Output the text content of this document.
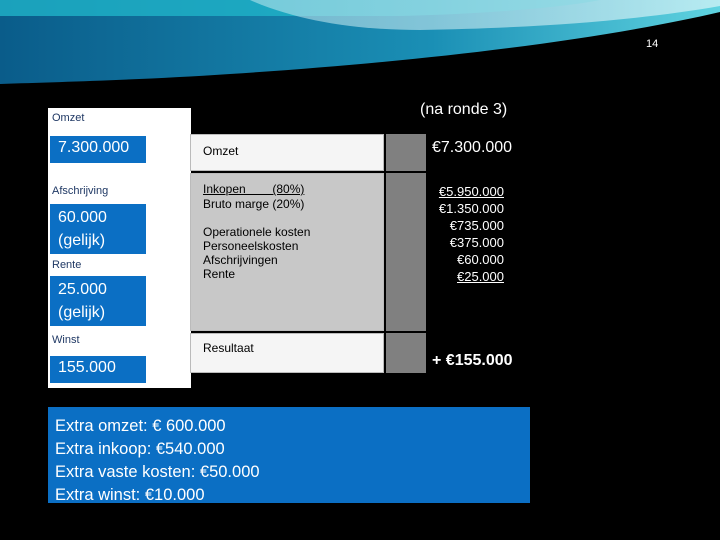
14
(na ronde 3)
Omzet
7.300.000
Afschrijving
60.000
(gelijk)
Rente
25.000
(gelijk)
Winst
155.000
Omzet
Inkopen        (80%)
Bruto marge (20%)
Operationele kosten
Personeelskosten
Afschrijvingen
Rente
Resultaat
€7.300.000
€5.950.000
€1.350.000
€735.000
€375.000
€60.000
€25.000
+ €155.000
Extra omzet: € 600.000
Extra inkoop: €540.000
Extra vaste kosten: €50.000
Extra winst: €10.000
